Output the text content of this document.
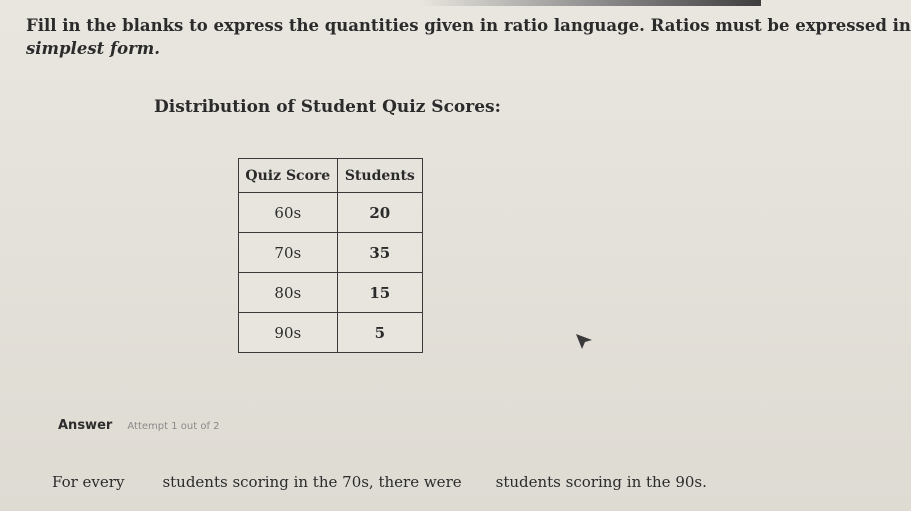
Fill in the blanks to express the quantities given in ratio language. Ratios must be expressed in
simplest form.
Distribution of Student Quiz Scores:
Quiz Score	Students
60s	20
70s	35
80s	15
90s	5
Answer Attempt 1 out of 2
For every	students scoring in the 70s, there were students scoring in the 90s.
